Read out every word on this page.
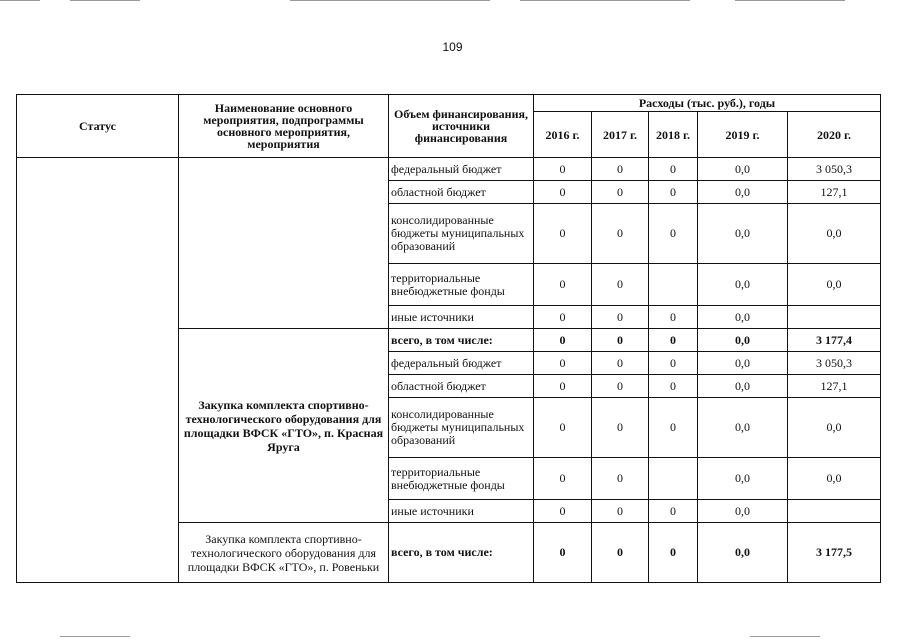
109
Статус	Наименование основного мероприятия, подпрограммы основного мероприятия, мероприятия	Объем финансирования, источники финансирования	Расходы (тыс. руб.), годы				
			2016 г.	2017 г.	2018 г.	2019 г.	2020 г.
		федеральный бюджет	0	0	0	0,0	3 050,3
		областной бюджет	0	0	0	0,0	127,1
		консолидированные бюджеты муниципальных образований	0	0	0	0,0	0,0
		территориальные внебюджетные фонды	0	0		0,0	0,0
		иные источники	0	0	0	0,0	
	Закупка комплекта спортивно-технологического оборудования для площадки ВФСК «ГТО», п. Красная Яруга	всего, в том числе:	0	0	0	0,0	3 177,4
		федеральный бюджет	0	0	0	0,0	3 050,3
		областной бюджет	0	0	0	0,0	127,1
		консолидированные бюджеты муниципальных образований	0	0	0	0,0	0,0
		территориальные внебюджетные фонды	0	0		0,0	0,0
		иные источники	0	0	0	0,0	
	Закупка комплекта спортивно-технологического оборудования для площадки ВФСК «ГТО», п. Ровеньки	всего, в том числе:	0	0	0	0,0	3 177,5
